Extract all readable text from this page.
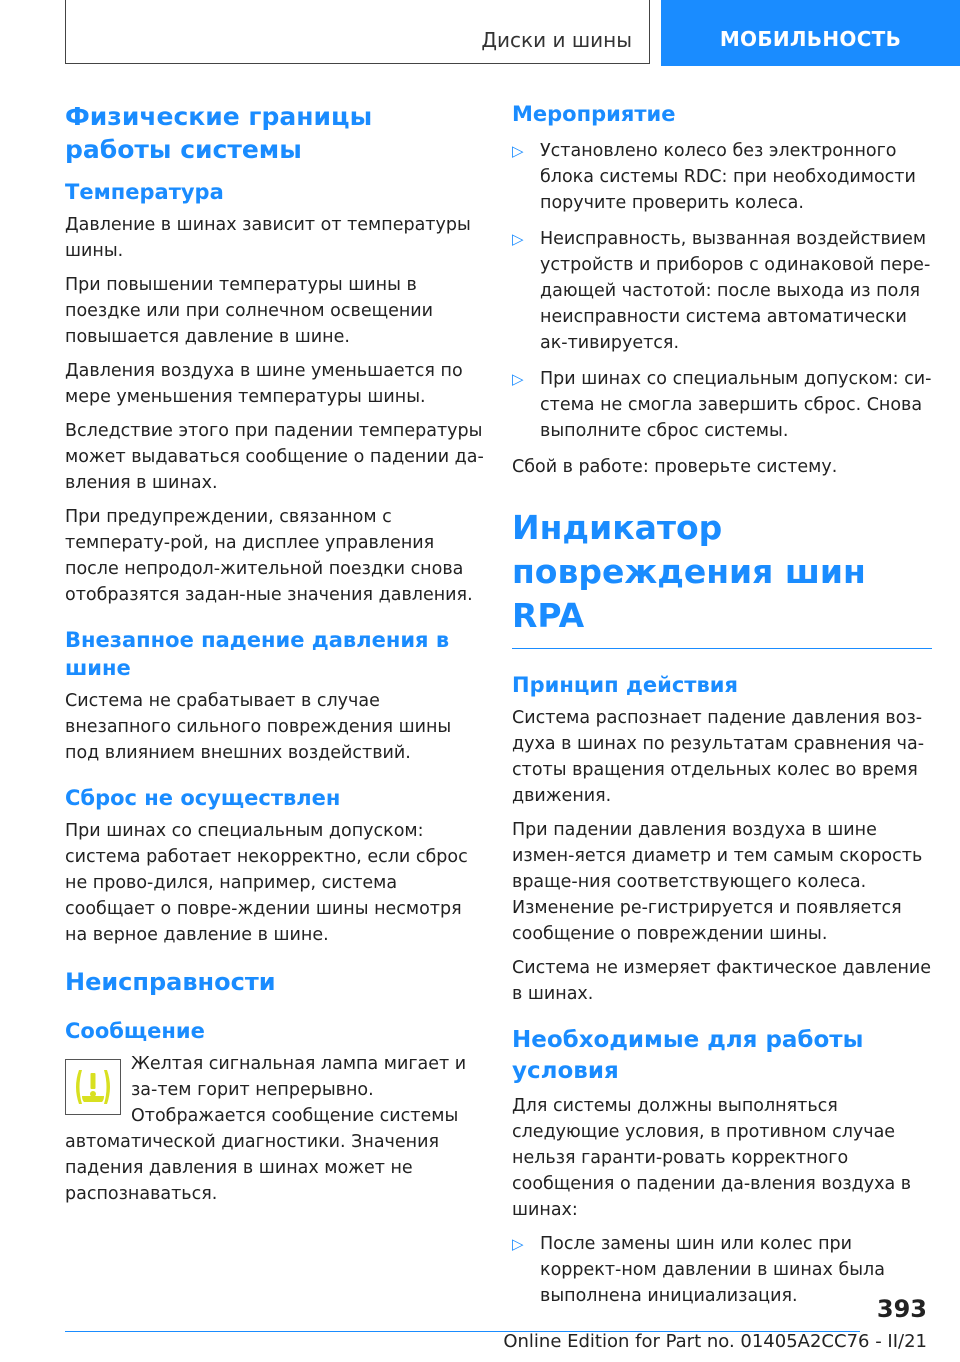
Диски и шины	МОБИЛЬНОСТЬ
Физические границы работы системы
Температура

Давление в шинах зависит от температуры шины.

При повышении температуры шины в поездке или при солнечном освещении повышается давление в шине.

Давления воздуха в шине уменьшается по мере уменьшения температуры шины.

Вследствие этого при падении температуры может выдаваться сообщение о падении да-вления в шинах.

При предупреждении, связанном с температу-рой, на дисплее управления после непродол-жительной поездки снова отобразятся задан-ные значения давления.

Внезапное падение давления в шине

Система не срабатывает в случае внезапного сильного повреждения шины под влиянием внешних воздействий.

Сброс не осуществлен

При шинах со специальным допуском: система работает некорректно, если сброс не прово-дился, например, система сообщает о повре-ждении шины несмотря на верное давление в шине.

Неисправности
Сообщение

Желтая сигнальная лампа мигает и за-тем горит непрерывно. Отображается сообщение системы автоматической диагностики. Значения падения давления в шинах может не распознаваться.

Мероприятие
▷ Установлено колесо без электронного блока системы RDC: при необходимости поручите проверить колеса.
▷ Неисправность, вызванная воздействием устройств и приборов с одинаковой пере-дающей частотой: после выхода из поля неисправности система автоматически ак-тивируется.
▷ При шинах со специальным допуском: си-стема не смогла завершить сброс. Снова выполните сброс системы.

Сбой в работе: проверьте систему.

Индикатор повреждения шин RPA
Принцип действия

Система распознает падение давления воз-духа в шинах по результатам сравнения ча-стоты вращения отдельных колес во время движения.

При падении давления воздуха в шине измен-яется диаметр и тем самым скорость враще-ния соответствующего колеса. Изменение ре-гистрируется и появляется сообщение о повреждении шины.

Система не измеряет фактическое давление в шинах.

Необходимые для работы условия

Для системы должны выполняться следующие условия, в противном случае нельзя гаранти-ровать корректного сообщения о падении да-вления воздуха в шинах:

▷ После замены шин или колес при коррект-ном давлении в шинах была выполнена инициализация.	393
Online Edition for Part no. 01405A2CC76 - II/21
